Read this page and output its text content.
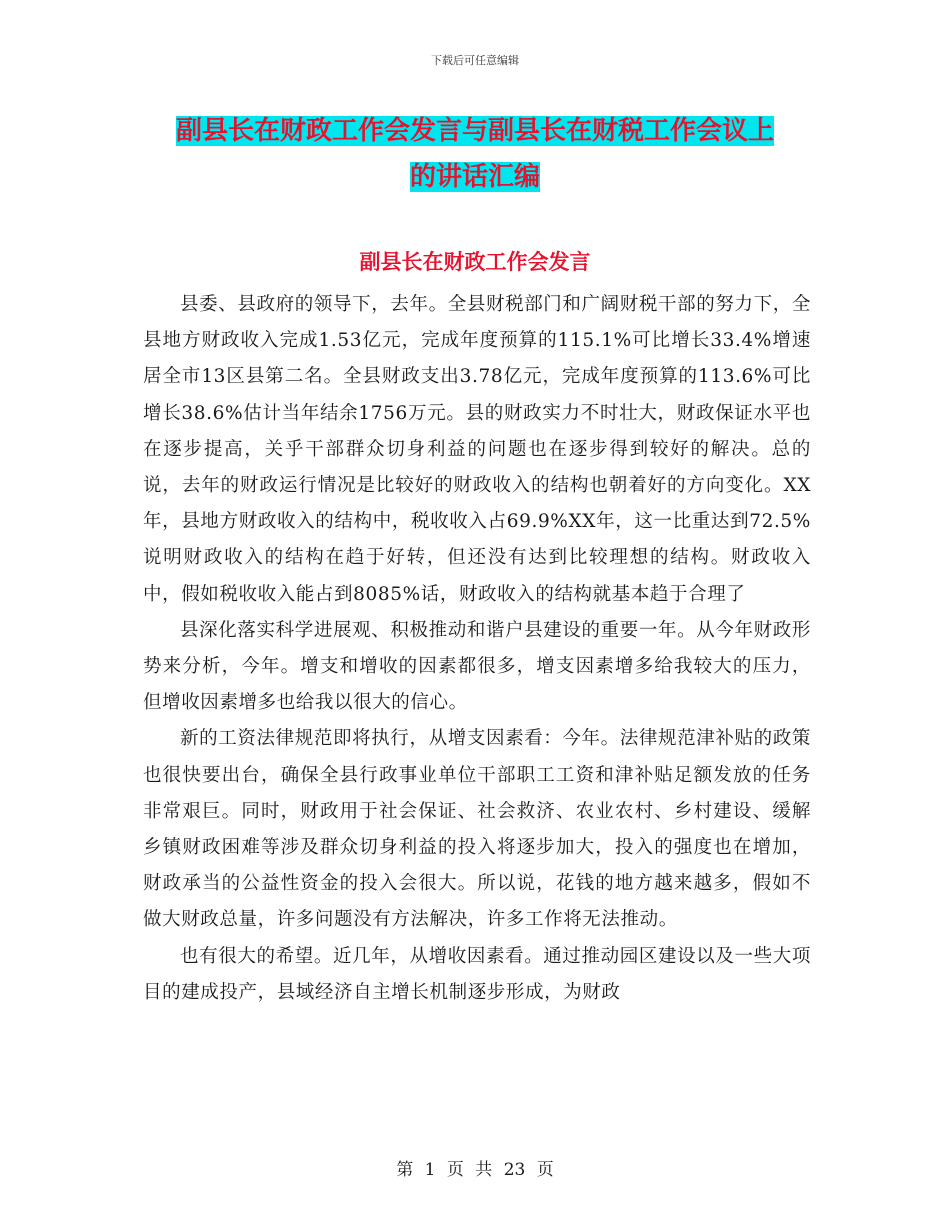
下载后可任意编辑
副县长在财政工作会发言与副县长在财税工作会议上
的讲话汇编
副县长在财政工作会发言

县委、县政府的领导下，去年。全县财税部门和广阔财税干部的努力下，全县地方财政收入完成1.53亿元，完成年度预算的115.1%可比增长33.4%增速居全市13区县第二名。全县财政支出3.78亿元，完成年度预算的113.6%可比增长38.6%估计当年结余1756万元。县的财政实力不时壮大，财政保证水平也在逐步提高，关乎干部群众切身利益的问题也在逐步得到较好的解决。总的说，去年的财政运行情况是比较好的财政收入的结构也朝着好的方向变化。XX年，县地方财政收入的结构中，税收收入占69.9%XX年，这一比重达到72.5%说明财政收入的结构在趋于好转，但还没有达到比较理想的结构。财政收入中，假如税收收入能占到8085%话，财政收入的结构就基本趋于合理了

县深化落实科学进展观、积极推动和谐户县建设的重要一年。从今年财政形势来分析，今年。增支和增收的因素都很多，增支因素增多给我较大的压力，但增收因素增多也给我以很大的信心。

新的工资法律规范即将执行，从增支因素看：今年。法律规范津补贴的政策也很快要出台，确保全县行政事业单位干部职工工资和津补贴足额发放的任务非常艰巨。同时，财政用于社会保证、社会救济、农业农村、乡村建设、缓解乡镇财政困难等涉及群众切身利益的投入将逐步加大，投入的强度也在增加，财政承当的公益性资金的投入会很大。所以说，花钱的地方越来越多，假如不做大财政总量，许多问题没有方法解决，许多工作将无法推动。

也有很大的希望。近几年，从增收因素看。通过推动园区建设以及一些大项目的建成投产，县域经济自主增长机制逐步形成，为财政

第 1 页 共 23 页
